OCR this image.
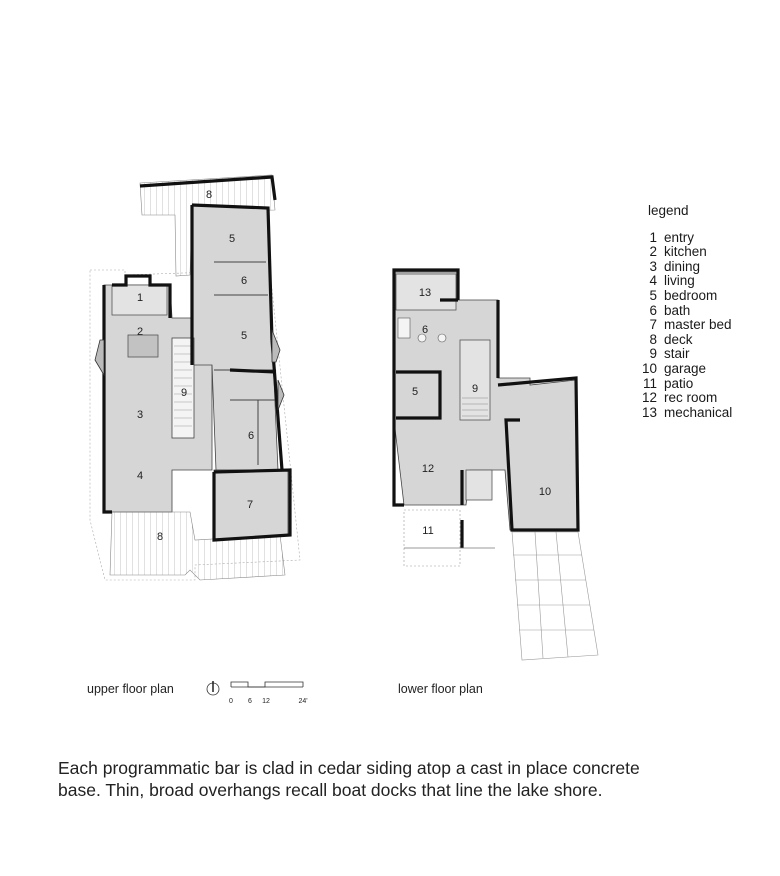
8
5
6
1
2	5
9
3
6
4
7
8
13
6
5	9
12
10
11
upper floor plan	lower floor plan
0 6 12	24'
legend
1 entry
2 kitchen
3 dining
4 living
5 bedroom
6 bath
7 master bed
8 deck
9 stair
10 garage
11 patio
12 rec room
13 mechanical
Each programmatic bar is clad in cedar siding atop a cast in place concrete base. Thin, broad overhangs recall boat docks that line the lake shore.
